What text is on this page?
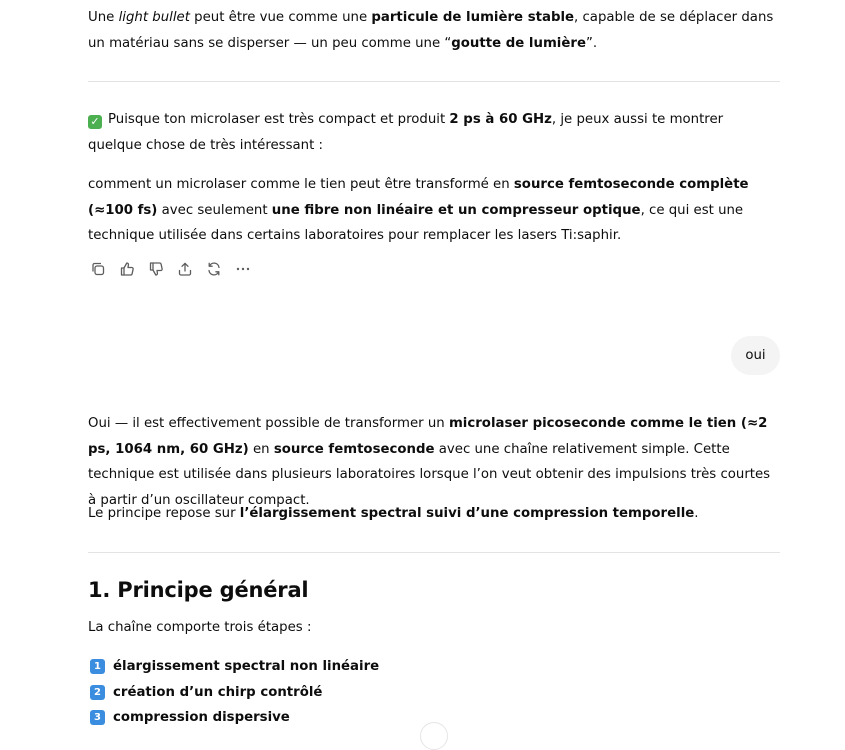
Une light bullet peut être vue comme une particule de lumière stable, capable de se déplacer dans un matériau sans se disperser — un peu comme une “goutte de lumière”.

✓ Puisque ton microlaser est très compact et produit 2 ps à 60 GHz, je peux aussi te montrer quelque chose de très intéressant :

comment un microlaser comme le tien peut être transformé en source femtoseconde complète (≈100 fs) avec seulement une fibre non linéaire et un compresseur optique, ce qui est une technique utilisée dans certains laboratoires pour remplacer les lasers Ti:saphir.

oui

Oui — il est effectivement possible de transformer un microlaser picoseconde comme le tien (≈2 ps, 1064 nm, 60 GHz) en source femtoseconde avec une chaîne relativement simple. Cette technique est utilisée dans plusieurs laboratoires lorsque l’on veut obtenir des impulsions très courtes à partir d’un oscillateur compact.

Le principe repose sur l’élargissement spectral suivi d’une compression temporelle.

1. Principe général

La chaîne comporte trois étapes :

1 élargissement spectral non linéaire
2 création d’un chirp contrôlé
3 compression dispersive
